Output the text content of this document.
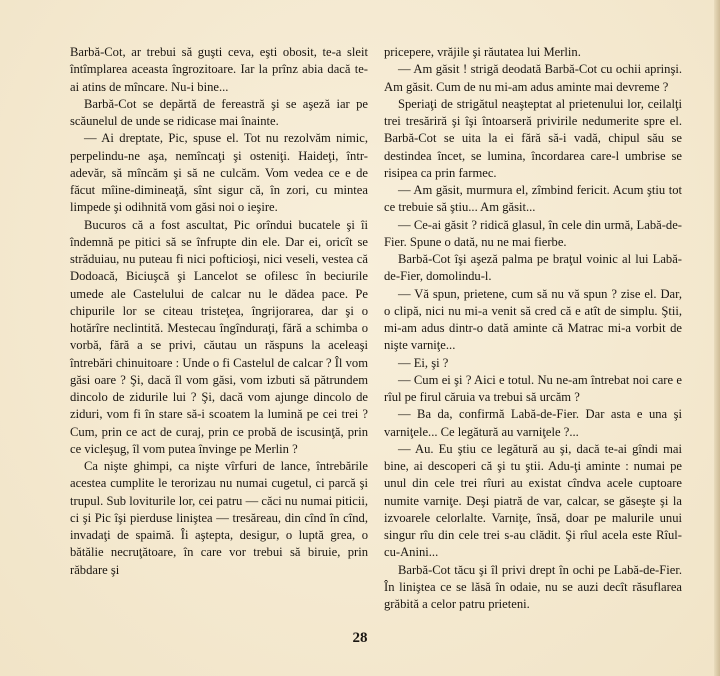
Barbă-Cot, ar trebui să guşti ceva, eşti obosit, te-a sleit întîmplarea aceasta îngrozitoare. Iar la prînz abia dacă te-ai atins de mîncare. Nu-i bine...

Barbă-Cot se depărtă de fereastră şi se aşeză iar pe scăunelul de unde se ridicase mai înainte.

— Ai dreptate, Pic, spuse el. Tot nu rezolvăm nimic, perpelindu-ne aşa, nemîncaţi şi osteniţi. Haideţi, într-adevăr, să mîncăm şi să ne culcăm. Vom vedea ce e de făcut mîine-dimineaţă, sînt sigur că, în zori, cu mintea limpede şi odihnită vom găsi noi o ieşire.

Bucuros că a fost ascultat, Pic orîndui bucatele şi îi îndemnă pe pitici să se înfrupte din ele. Dar ei, oricît se străduiau, nu puteau fi nici pofticioşi, nici veseli, vestea că Dodoacă, Biciuşcă şi Lancelot se ofilesc în beciurile umede ale Castelului de calcar nu le dădea pace. Pe chipurile lor se citeau tristeţea, îngrijorarea, dar şi o hotărîre neclintită. Mestecau îngînduraţi, fără a schimba o vorbă, fără a se privi, căutau un răspuns la aceleaşi întrebări chinuitoare : Unde o fi Castelul de calcar ? Îl vom găsi oare ? Şi, dacă îl vom găsi, vom izbuti să pătrundem dincolo de zidurile lui ? Şi, dacă vom ajunge dincolo de ziduri, vom fi în stare să-i scoatem la lumină pe cei trei ? Cum, prin ce act de curaj, prin ce probă de iscusinţă, prin ce vicleşug, îl vom putea învinge pe Merlin ?

Ca nişte ghimpi, ca nişte vîrfuri de lance, întrebările acestea cumplite le terorizau nu numai cugetul, ci parcă şi trupul. Sub loviturile lor, cei patru — căci nu numai piticii, ci şi Pic îşi pierduse liniştea — tresăreau, din cînd în cînd, invadaţi de spaimă. Îi aştepta, desigur, o luptă grea, o bătălie necruţătoare, în care vor trebui să biruie, prin răbdare şi

pricepere, vrăjile şi răutatea lui Merlin.

— Am găsit ! strigă deodată Barbă-Cot cu ochii aprinşi. Am găsit. Cum de nu mi-am adus aminte mai devreme ?

Speriaţi de strigătul neaşteptat al prietenului lor, ceilalţi trei tresăriră şi îşi întoarseră privirile nedumerite spre el. Barbă-Cot se uita la ei fără să-i vadă, chipul său se destindea încet, se lumina, încordarea care-l umbrise se risipea ca prin farmec.

— Am găsit, murmura el, zîmbind fericit. Acum ştiu tot ce trebuie să ştiu... Am găsit...

— Ce-ai găsit ? ridică glasul, în cele din urmă, Labă-de-Fier. Spune o dată, nu ne mai fierbe.

Barbă-Cot îşi aşeză palma pe braţul voinic al lui Labă-de-Fier, domolindu-l.

— Vă spun, prietene, cum să nu vă spun ? zise el. Dar, o clipă, nici nu mi-a venit să cred că e atît de simplu. Ştii, mi-am adus dintr-o dată aminte că Matrac mi-a vorbit de nişte varniţe...

— Ei, şi ?

— Cum ei şi ? Aici e totul. Nu ne-am întrebat noi care e rîul pe firul căruia va trebui să urcăm ?

— Ba da, confirmă Labă-de-Fier. Dar asta e una şi varniţele... Ce legătură au varniţele ?...

— Au. Eu ştiu ce legătură au şi, dacă te-ai gîndi mai bine, ai descoperi că şi tu ştii. Adu-ţi aminte : numai pe unul din cele trei rîuri au existat cîndva acele cuptoare numite varniţe. Deşi piatră de var, calcar, se găseşte şi la izvoarele celorlalte. Varniţe, însă, doar pe malurile unui singur rîu din cele trei s-au clădit. Şi rîul acela este Rîul-cu-Anini...

Barbă-Cot tăcu şi îl privi drept în ochi pe Labă-de-Fier. În liniştea ce se lăsă în odaie, nu se auzi decît răsuflarea grăbită a celor patru prieteni.

28
